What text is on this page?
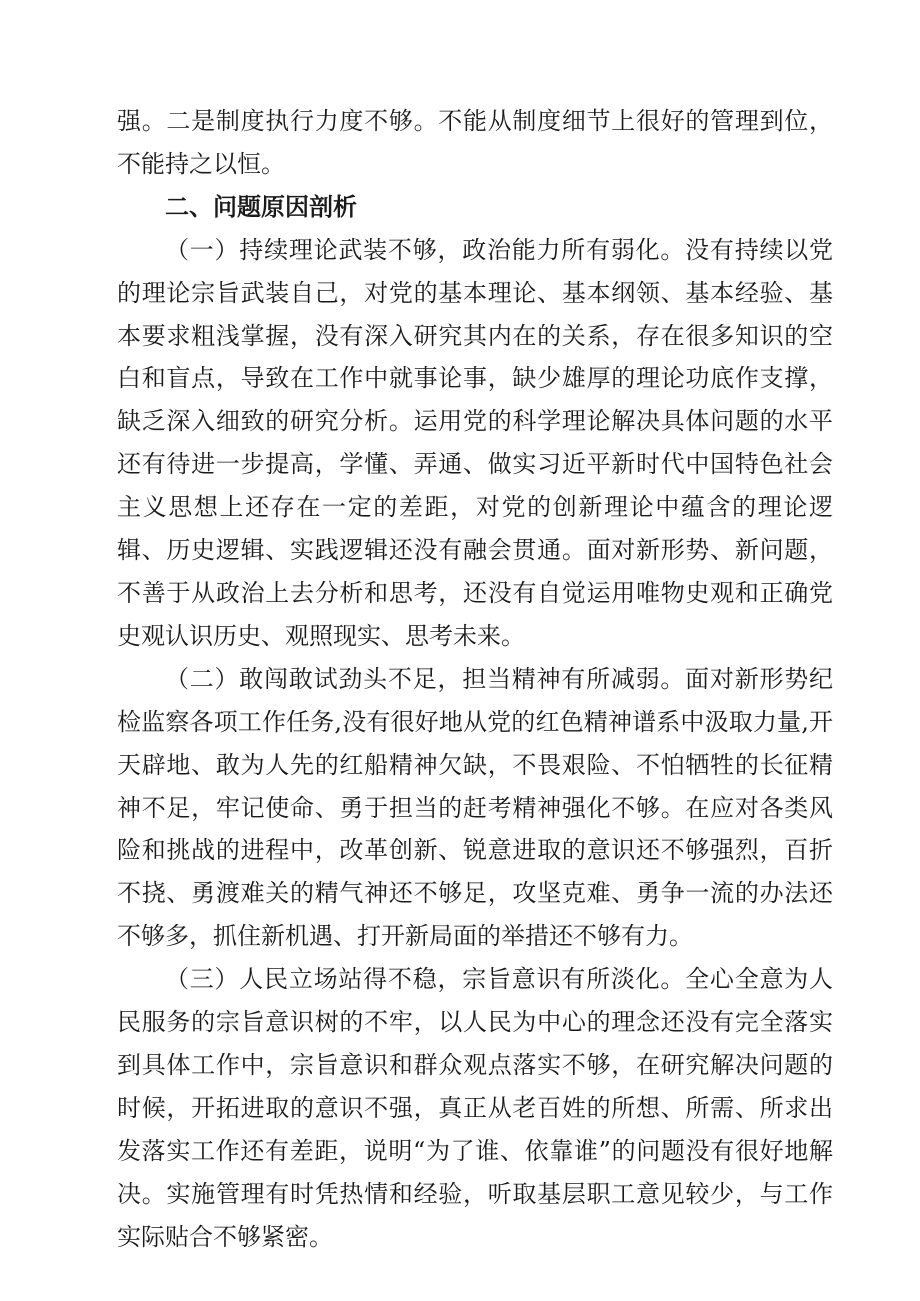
强。二是制度执行力度不够。不能从制度细节上很好的管理到位，不能持之以恒。

二、问题原因剖析

（一）持续理论武装不够，政治能力所有弱化。没有持续以党的理论宗旨武装自己，对党的基本理论、基本纲领、基本经验、基本要求粗浅掌握，没有深入研究其内在的关系，存在很多知识的空白和盲点，导致在工作中就事论事，缺少雄厚的理论功底作支撑，缺乏深入细致的研究分析。运用党的科学理论解决具体问题的水平还有待进一步提高，学懂、弄通、做实习近平新时代中国特色社会主义思想上还存在一定的差距，对党的创新理论中蕴含的理论逻辑、历史逻辑、实践逻辑还没有融会贯通。面对新形势、新问题，不善于从政治上去分析和思考，还没有自觉运用唯物史观和正确党史观认识历史、观照现实、思考未来。

（二）敢闯敢试劲头不足，担当精神有所减弱。面对新形势纪检监察各项工作任务,没有很好地从党的红色精神谱系中汲取力量,开天辟地、敢为人先的红船精神欠缺，不畏艰险、不怕牺牲的长征精神不足，牢记使命、勇于担当的赶考精神强化不够。在应对各类风险和挑战的进程中，改革创新、锐意进取的意识还不够强烈，百折不挠、勇渡难关的精气神还不够足，攻坚克难、勇争一流的办法还不够多，抓住新机遇、打开新局面的举措还不够有力。

（三）人民立场站得不稳，宗旨意识有所淡化。全心全意为人民服务的宗旨意识树的不牢，以人民为中心的理念还没有完全落实到具体工作中，宗旨意识和群众观点落实不够，在研究解决问题的时候，开拓进取的意识不强，真正从老百姓的所想、所需、所求出发落实工作还有差距，说明“为了谁、依靠谁”的问题没有很好地解决。实施管理有时凭热情和经验，听取基层职工意见较少，与工作实际贴合不够紧密。
